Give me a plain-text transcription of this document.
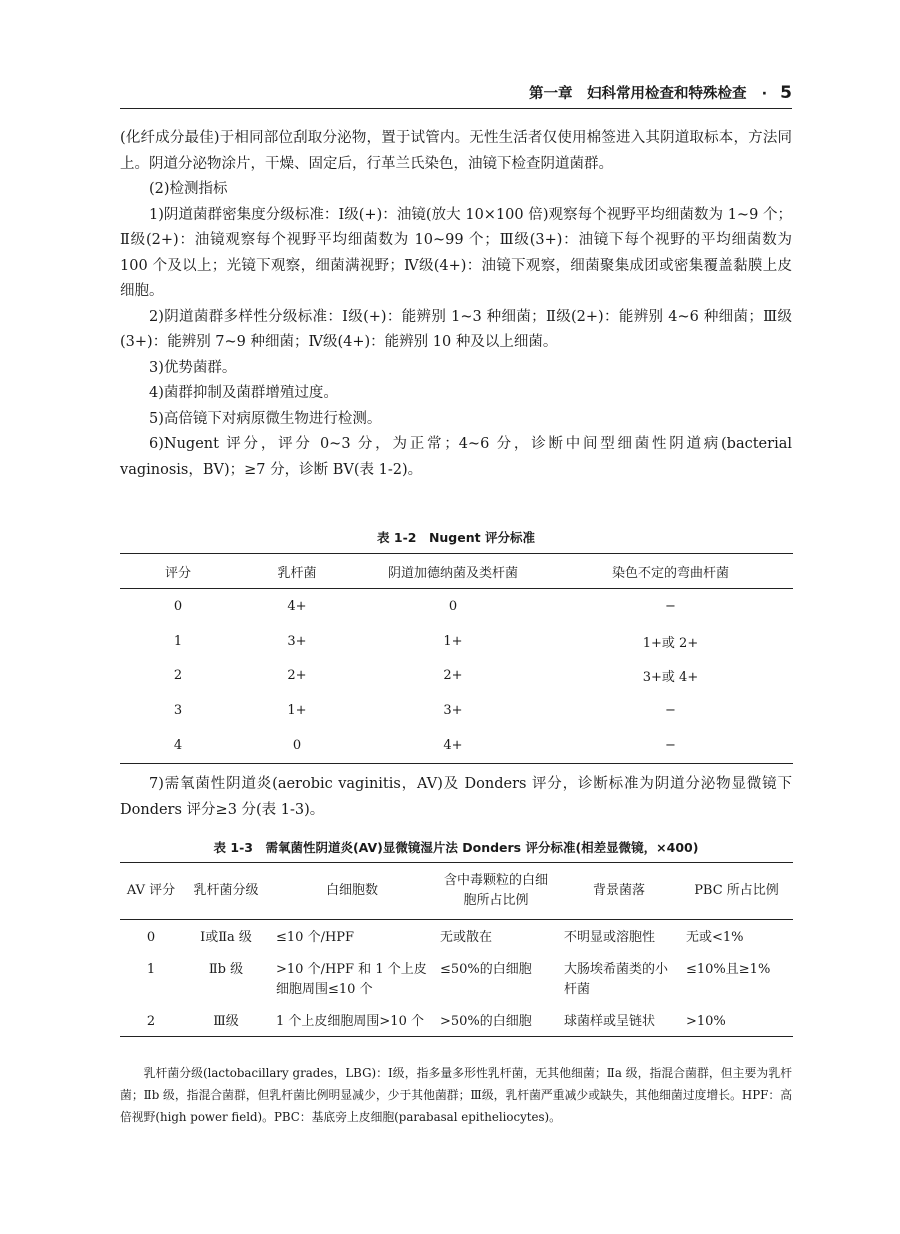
第一章　妇科常用检查和特殊检查 · 5

(化纤成分最佳)于相同部位刮取分泌物，置于试管内。无性生活者仅使用棉签进入其阴道取标本，方法同上。阴道分泌物涂片，干燥、固定后，行革兰氏染色，油镜下检查阴道菌群。

(2)检测指标

1)阴道菌群密集度分级标准：Ⅰ级(+)：油镜(放大 10×100 倍)观察每个视野平均细菌数为 1~9 个；Ⅱ级(2+)：油镜观察每个视野平均细菌数为 10~99 个；Ⅲ级(3+)：油镜下每个视野的平均细菌数为 100 个及以上；光镜下观察，细菌满视野；Ⅳ级(4+)：油镜下观察，细菌聚集成团或密集覆盖黏膜上皮细胞。

2)阴道菌群多样性分级标准：Ⅰ级(+)：能辨别 1~3 种细菌；Ⅱ级(2+)：能辨别 4~6 种细菌；Ⅲ级(3+)：能辨别 7~9 种细菌；Ⅳ级(4+)：能辨别 10 种及以上细菌。

3)优势菌群。

4)菌群抑制及菌群增殖过度。

5)高倍镜下对病原微生物进行检测。

6)Nugent 评分，评分 0~3 分，为正常；4~6 分，诊断中间型细菌性阴道病(bacterial vaginosis，BV)；≥7 分，诊断 BV(表 1-2)。

表 1-2　Nugent 评分标准

评分	乳杆菌	阴道加德纳菌及类杆菌	染色不定的弯曲杆菌
0	4+	0	−
1	3+	1+	1+或 2+
2	2+	2+	3+或 4+
3	1+	3+	−
4	0	4+	−

7)需氧菌性阴道炎(aerobic vaginitis，AV)及 Donders 评分，诊断标准为阴道分泌物显微镜下 Donders 评分≥3 分(表 1-3)。

表 1-3　需氧菌性阴道炎(AV)显微镜湿片法 Donders 评分标准(相差显微镜，×400)

AV 评分	乳杆菌分级	白细胞数	含中毒颗粒的白细胞所占比例	背景菌落	PBC 所占比例
0	Ⅰ或Ⅱa 级	≤10 个/HPF	无或散在	不明显或溶胞性	无或<1%
1	Ⅱb 级	>10 个/HPF 和 1 个上皮细胞周围≤10 个	≤50%的白细胞	大肠埃希菌类的小杆菌	≤10%且≥1%
2	Ⅲ级	1 个上皮细胞周围>10 个	>50%的白细胞	球菌样或呈链状	>10%

乳杆菌分级(lactobacillary grades，LBG)：Ⅰ级，指多量多形性乳杆菌，无其他细菌；Ⅱa 级，指混合菌群，但主要为乳杆菌；Ⅱb 级，指混合菌群，但乳杆菌比例明显减少，少于其他菌群；Ⅲ级，乳杆菌严重减少或缺失，其他细菌过度增长。HPF：高倍视野(high power field)。PBC：基底旁上皮细胞(parabasal epitheliocytes)。
